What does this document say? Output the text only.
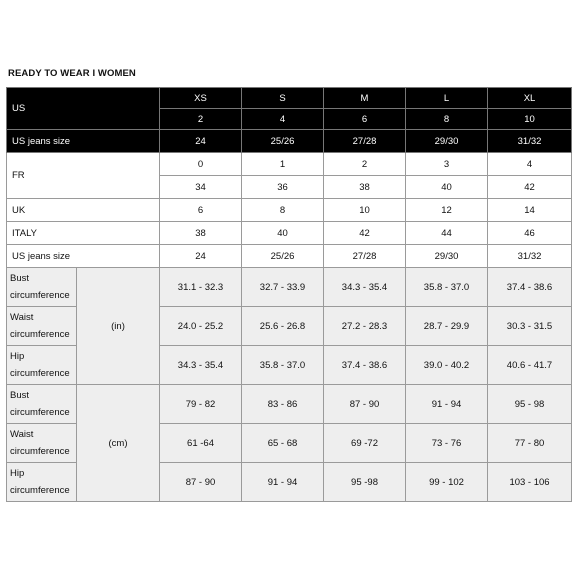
READY TO WEAR I WOMEN
US		XS	S	M	L	XL
		2	4	6	8	10
US jeans size		24	25/26	27/28	29/30	31/32
FR		0	1	2	3	4
		34	36	38	40	42
UK		6	8	10	12	14
ITALY		38	40	42	44	46
US jeans size		24	25/26	27/28	29/30	31/32
Bust
circumference	(in)	31.1 - 32.3	32.7 - 33.9	34.3 - 35.4	35.8 - 37.0	37.4 - 38.6
Waist
circumference		24.0 - 25.2	25.6 - 26.8	27.2 - 28.3	28.7 - 29.9	30.3 - 31.5
Hip
circumference		34.3 - 35.4	35.8 - 37.0	37.4 - 38.6	39.0 - 40.2	40.6 - 41.7
Bust
circumference	(cm)	79 - 82	83 - 86	87 - 90	91 - 94	95 - 98
Waist
circumference		61 -64	65 - 68	69 -72	73 - 76	77 - 80
Hip
circumference		87 - 90	91 - 94	95 -98	99 - 102	103 - 106
